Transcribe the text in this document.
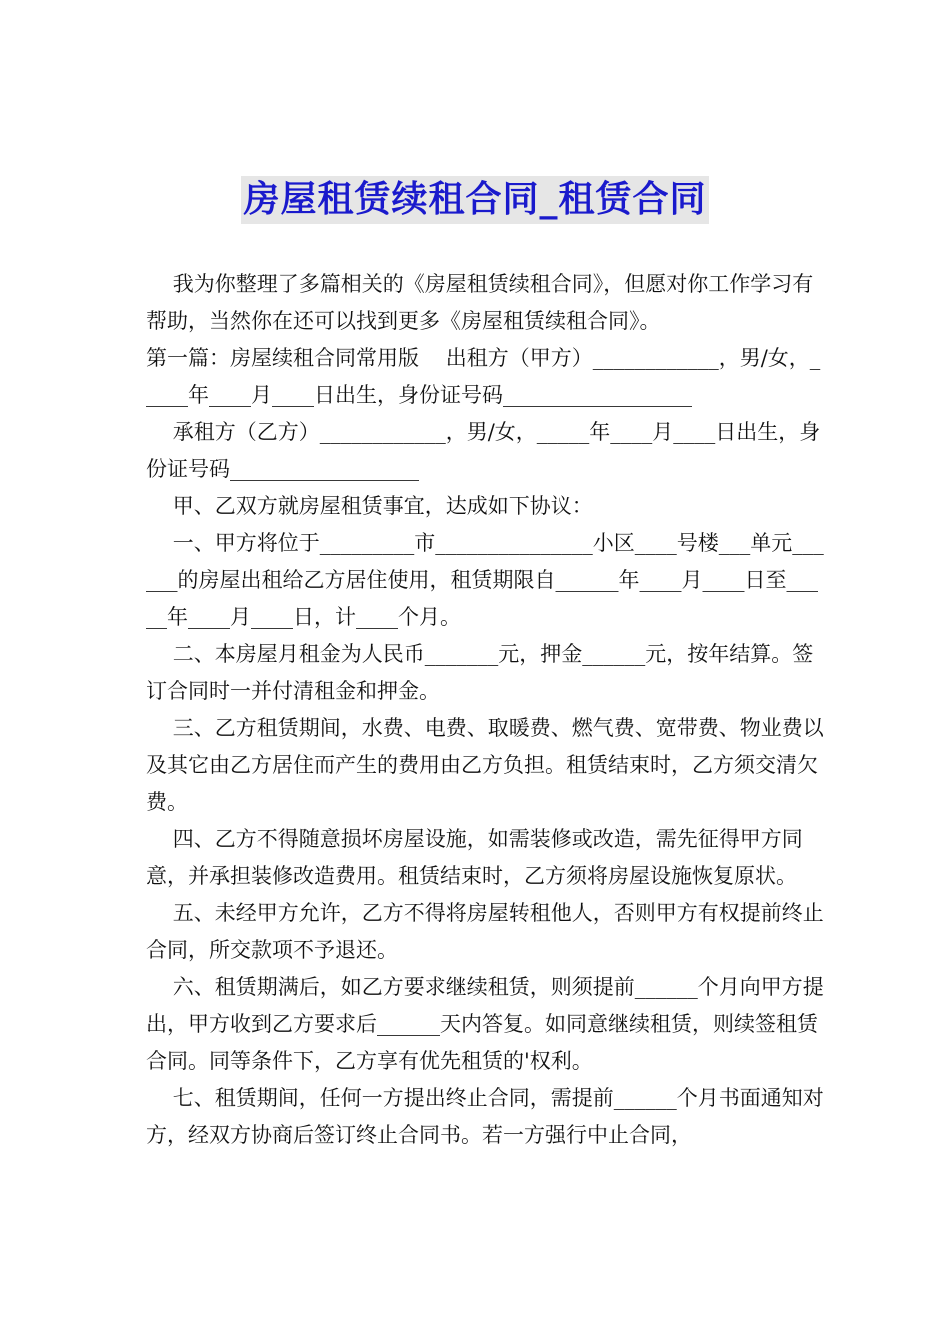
房屋租赁续租合同_租赁合同

我为你整理了多篇相关的《房屋租赁续租合同》，但愿对你工作学习有帮助，当然你在还可以找到更多《房屋租赁续租合同》。

第一篇：房屋续租合同常用版    出租方（甲方）____________，男/女，_____年____月____日出生，身份证号码__________________

承租方（乙方）____________，男/女，_____年____月____日出生，身份证号码__________________

甲、乙双方就房屋租赁事宜，达成如下协议：

一、甲方将位于_________市_______________小区____号楼___单元______的房屋出租给乙方居住使用，租赁期限自______年____月____日至_____年____月____日，计____个月。

二、本房屋月租金为人民币_______元，押金______元，按年结算。签订合同时一并付清租金和押金。

三、乙方租赁期间，水费、电费、取暖费、燃气费、宽带费、物业费以及其它由乙方居住而产生的费用由乙方负担。租赁结束时，乙方须交清欠费。

四、乙方不得随意损坏房屋设施，如需装修或改造，需先征得甲方同意，并承担装修改造费用。租赁结束时，乙方须将房屋设施恢复原状。

五、未经甲方允许，乙方不得将房屋转租他人，否则甲方有权提前终止合同，所交款项不予退还。

六、租赁期满后，如乙方要求继续租赁，则须提前______个月向甲方提出，甲方收到乙方要求后______天内答复。如同意继续租赁，则续签租赁合同。同等条件下，乙方享有优先租赁的'权利。

七、租赁期间，任何一方提出终止合同，需提前______个月书面通知对方，经双方协商后签订终止合同书。若一方强行中止合同，
